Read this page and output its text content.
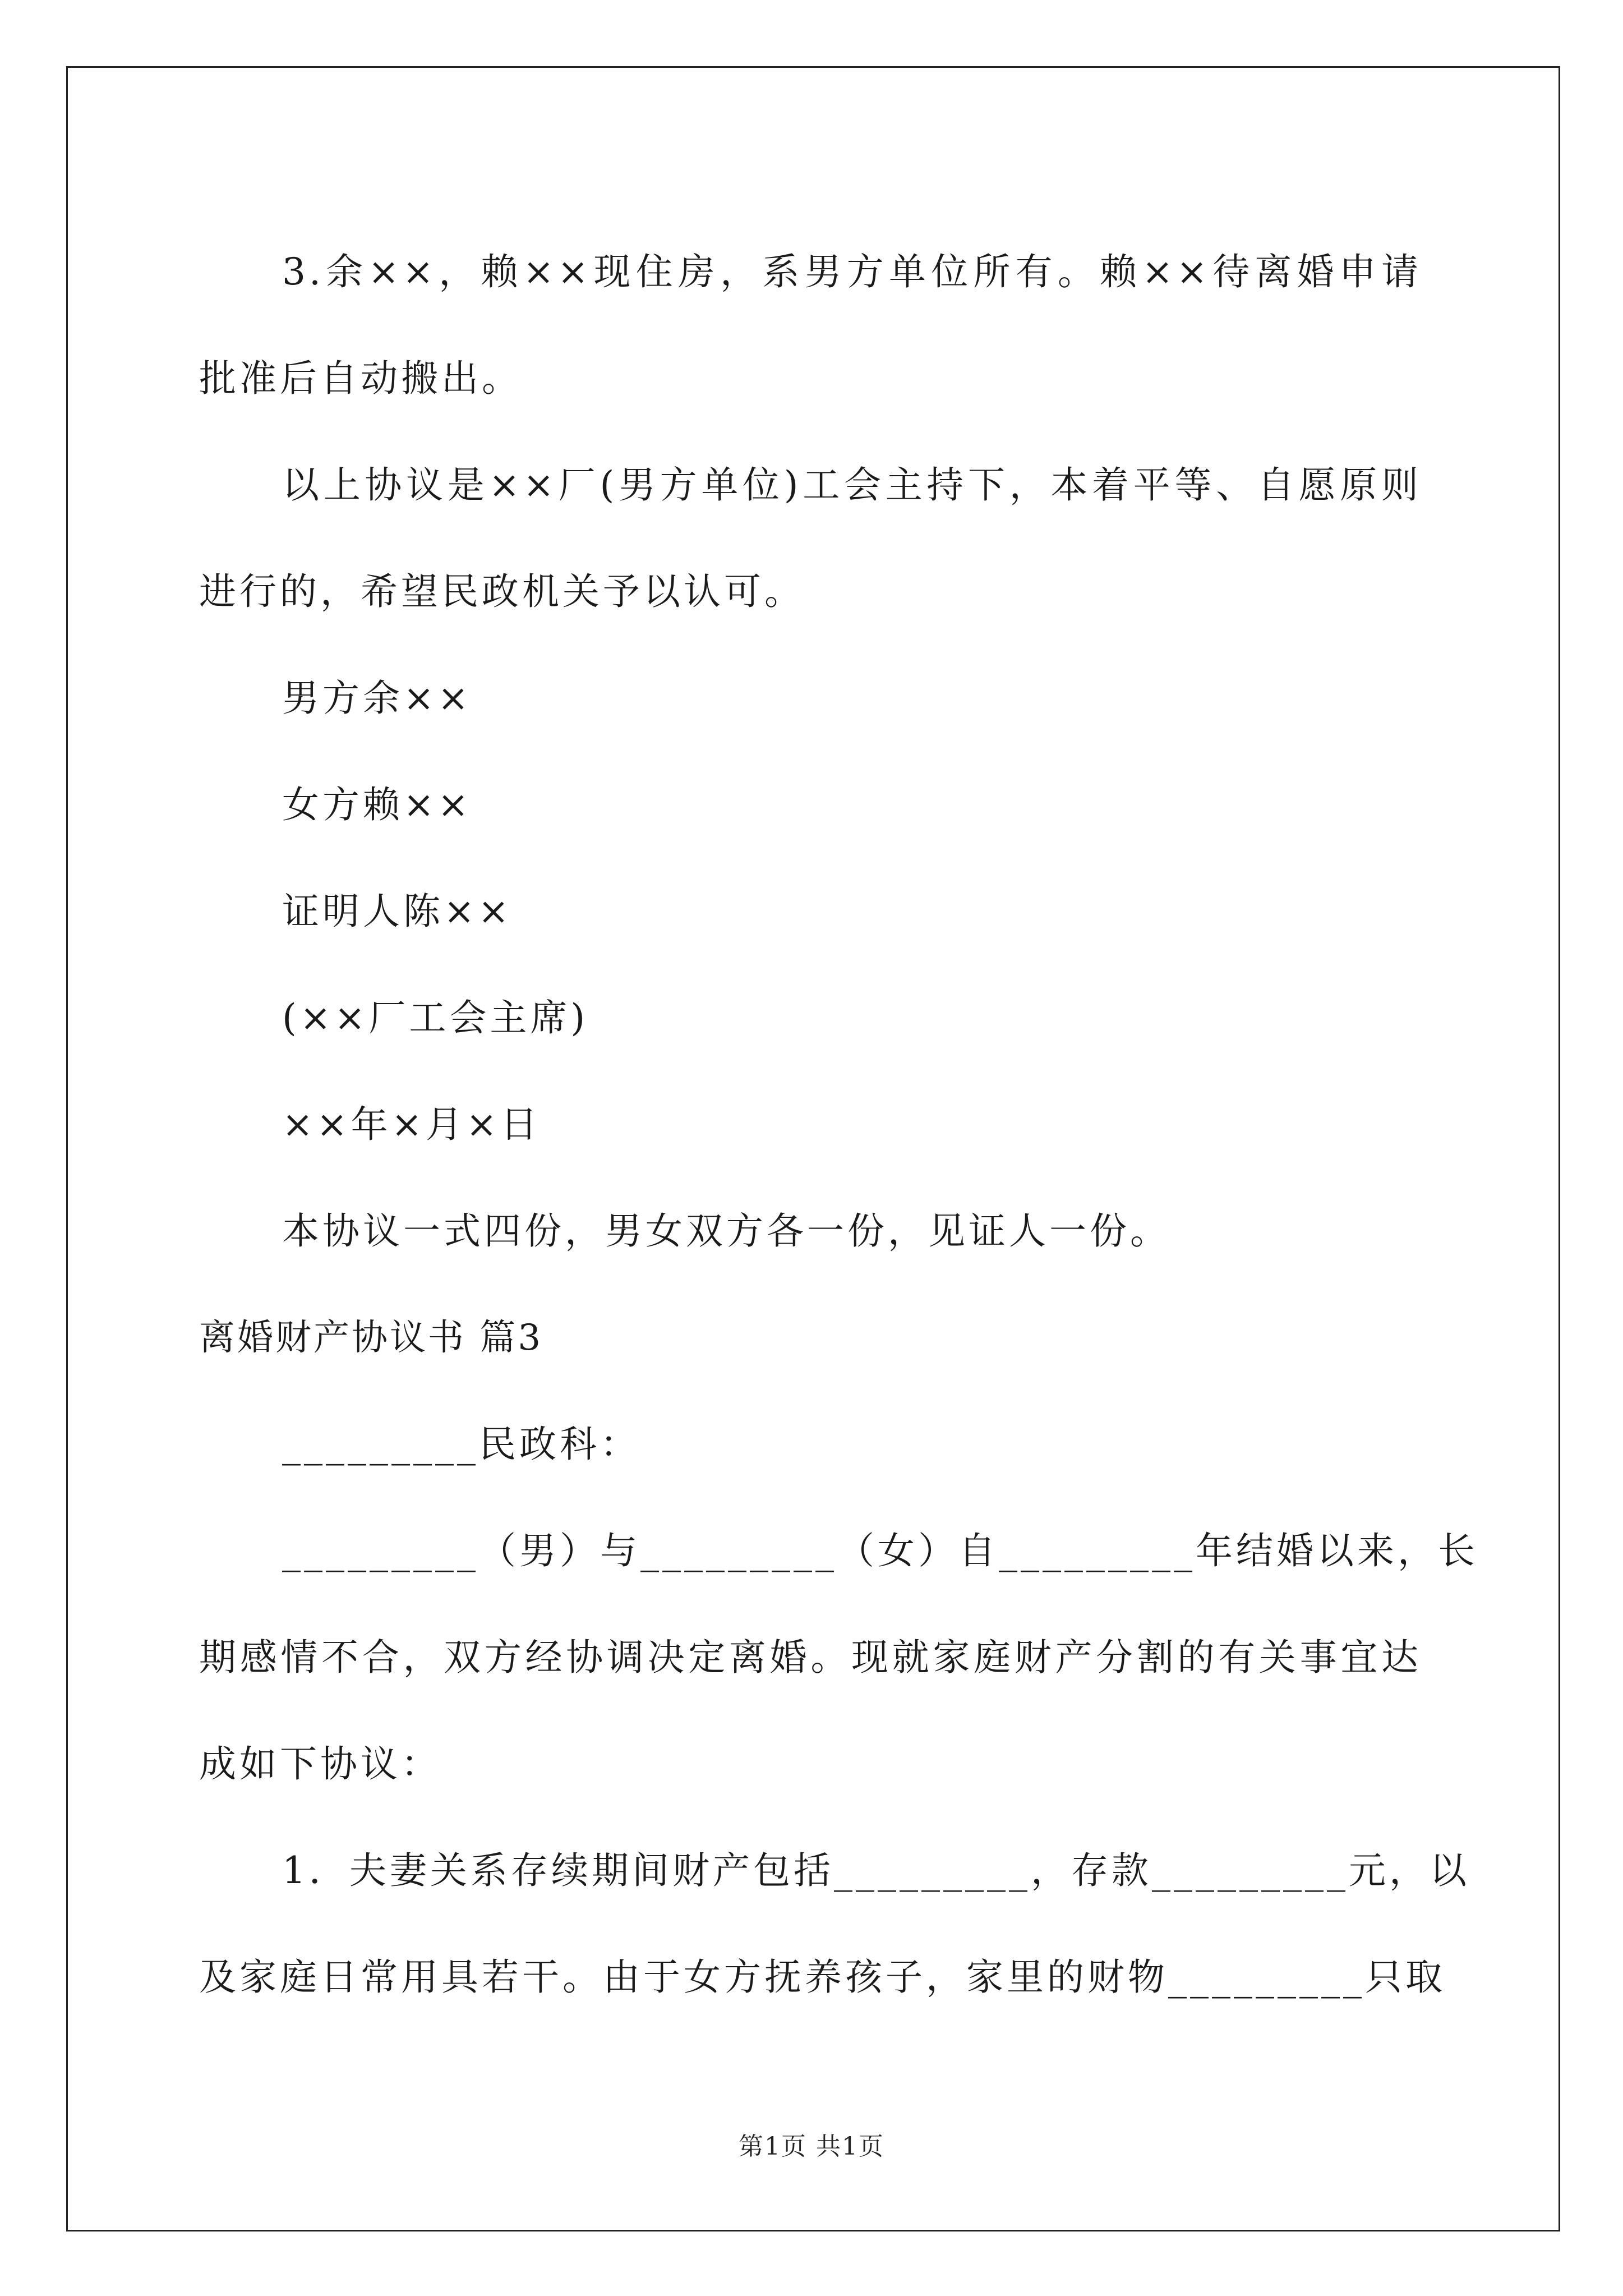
3.余××，赖××现住房，系男方单位所有。赖××待离婚申请

批准后自动搬出。

以上协议是××厂(男方单位)工会主持下，本着平等、自愿原则

进行的，希望民政机关予以认可。

男方余××

女方赖××

证明人陈××

(××厂工会主席)

××年×月×日

本协议一式四份，男女双方各一份，见证人一份。

离婚财产协议书 篇3

_________民政科：

_________（男）与_________（女）自_________年结婚以来，长

期感情不合，双方经协调决定离婚。现就家庭财产分割的有关事宜达

成如下协议：

1．夫妻关系存续期间财产包括_________，存款_________元，以

及家庭日常用具若干。由于女方抚养孩子，家里的财物_________只取

第1页 共1页
